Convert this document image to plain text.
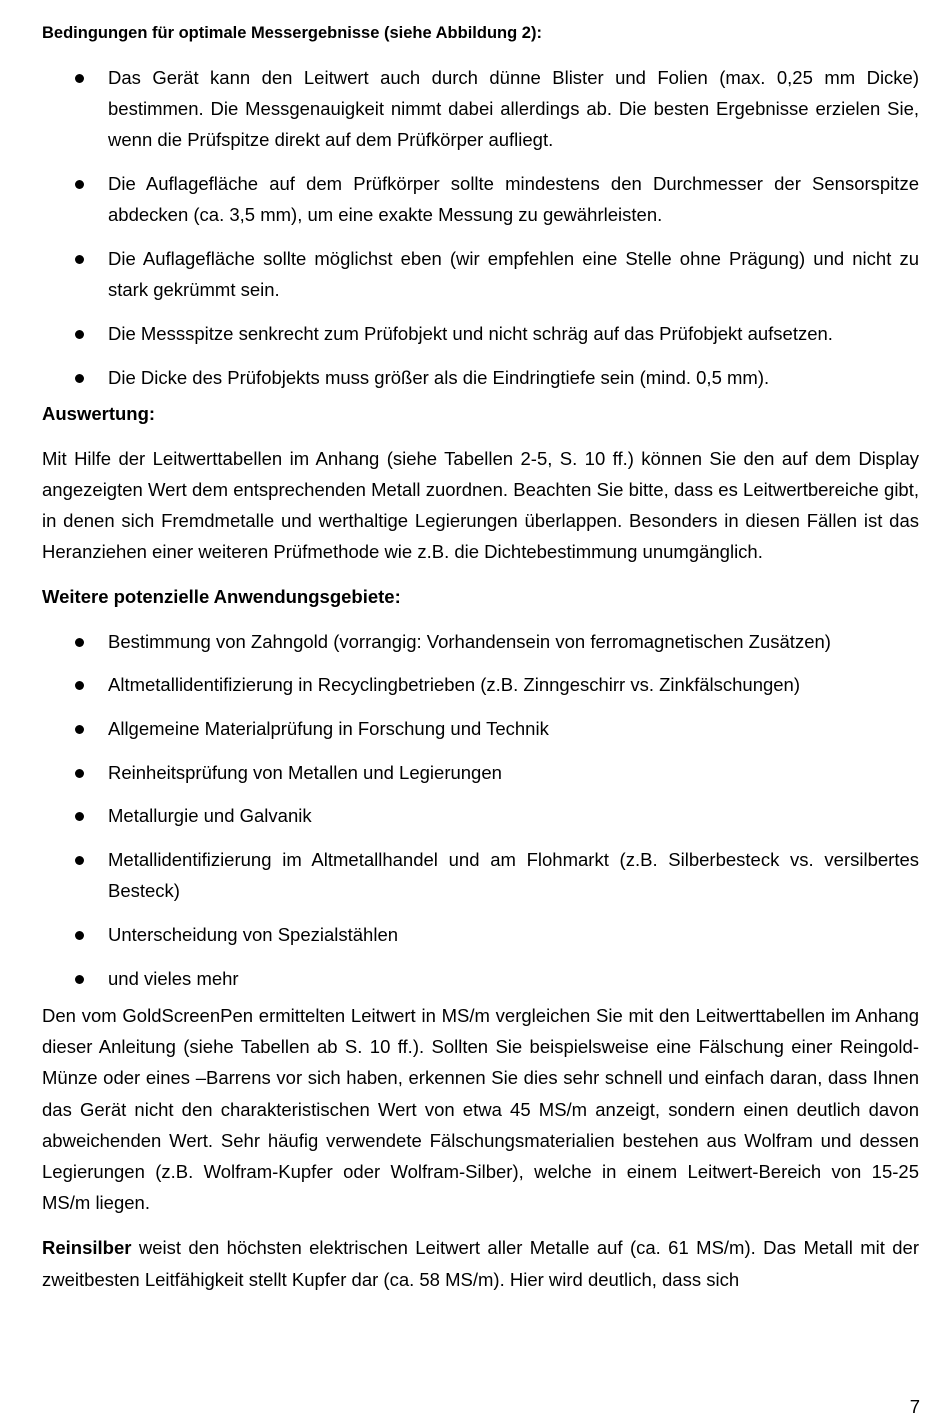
Bedingungen für optimale Messergebnisse (siehe Abbildung 2):
Das Gerät kann den Leitwert auch durch dünne Blister und Folien (max. 0,25 mm Dicke) bestimmen. Die Messgenauigkeit nimmt dabei allerdings ab. Die besten Ergebnisse erzielen Sie, wenn die Prüfspitze direkt auf dem Prüfkörper aufliegt.
Die Auflagefläche auf dem Prüfkörper sollte mindestens den Durchmesser der Sensorspitze abdecken (ca. 3,5 mm), um eine exakte Messung zu gewährleisten.
Die Auflagefläche sollte möglichst eben (wir empfehlen eine Stelle ohne Prägung) und nicht zu stark gekrümmt sein.
Die Messspitze senkrecht zum Prüfobjekt und nicht schräg auf das Prüfobjekt aufsetzen.
Die Dicke des Prüfobjekts muss größer als die Eindringtiefe sein (mind. 0,5 mm).
Auswertung:

Mit Hilfe der Leitwerttabellen im Anhang (siehe Tabellen 2-5, S. 10 ff.) können Sie den auf dem Display angezeigten Wert dem entsprechenden Metall zuordnen. Beachten Sie bitte, dass es Leitwertbereiche gibt, in denen sich Fremdmetalle und werthaltige Legierungen überlappen. Besonders in diesen Fällen ist das Heranziehen einer weiteren Prüfmethode wie z.B. die Dichtebestimmung unumgänglich.

Weitere potenzielle Anwendungsgebiete:
Bestimmung von Zahngold (vorrangig: Vorhandensein von ferromagnetischen Zusätzen)
Altmetallidentifizierung in Recyclingbetrieben (z.B. Zinngeschirr vs. Zinkfälschungen)
Allgemeine Materialprüfung in Forschung und Technik
Reinheitsprüfung von Metallen und Legierungen
Metallurgie und Galvanik
Metallidentifizierung im Altmetallhandel und am Flohmarkt (z.B. Silberbesteck vs. versilbertes Besteck)
Unterscheidung von Spezialstählen
und vieles mehr

Den vom GoldScreenPen ermittelten Leitwert in MS/m vergleichen Sie mit den Leitwerttabellen im Anhang dieser Anleitung (siehe Tabellen ab S. 10 ff.). Sollten Sie beispielsweise eine Fälschung einer Reingold-Münze oder eines –Barrens vor sich haben, erkennen Sie dies sehr schnell und einfach daran, dass Ihnen das Gerät nicht den charakteristischen Wert von etwa 45 MS/m anzeigt, sondern einen deutlich davon abweichenden Wert. Sehr häufig verwendete Fälschungsmaterialien bestehen aus Wolfram und dessen Legierungen (z.B. Wolfram-Kupfer oder Wolfram-Silber), welche in einem Leitwert-Bereich von 15-25 MS/m liegen.

Reinsilber weist den höchsten elektrischen Leitwert aller Metalle auf (ca. 61 MS/m). Das Metall mit der zweitbesten Leitfähigkeit stellt Kupfer dar (ca. 58 MS/m). Hier wird deutlich, dass sich

7
